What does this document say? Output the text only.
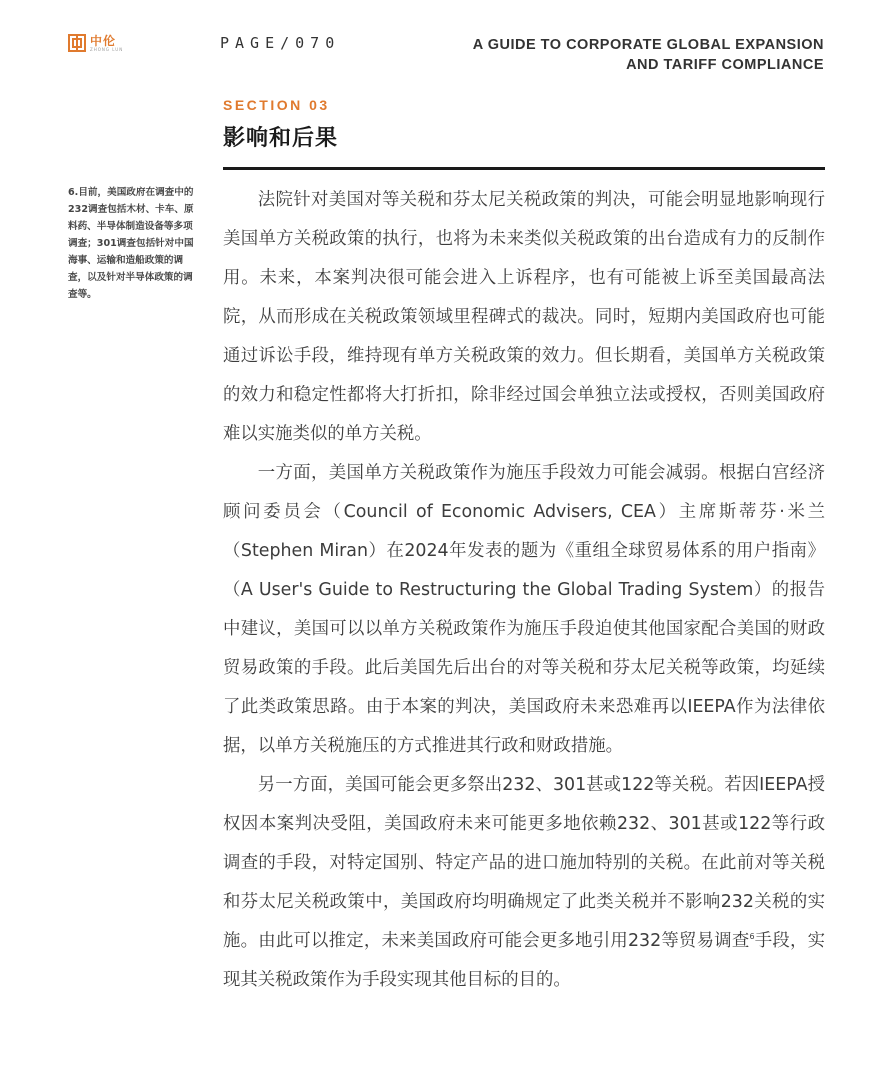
中伦
ZHONG LUN	PAGE/070	A GUIDE TO CORPORATE GLOBAL EXPANSION
AND TARIFF COMPLIANCE
SECTION 03
影响和后果
6.目前，美国政府在调查中的232调查包括木材、卡车、原料药、半导体制造设备等多项调查；301调查包括针对中国海事、运输和造船政策的调查，以及针对半导体政策的调查等。

法院针对美国对等关税和芬太尼关税政策的判决，可能会明显地影响现行美国单方关税政策的执行，也将为未来类似关税政策的出台造成有力的反制作用。未来，本案判决很可能会进入上诉程序，也有可能被上诉至美国最高法院，从而形成在关税政策领域里程碑式的裁决。同时，短期内美国政府也可能通过诉讼手段，维持现有单方关税政策的效力。但长期看，美国单方关税政策的效力和稳定性都将大打折扣，除非经过国会单独立法或授权，否则美国政府难以实施类似的单方关税。

一方面，美国单方关税政策作为施压手段效力可能会减弱。根据白宫经济顾问委员会（Council of Economic Advisers, CEA）主席斯蒂芬·米兰（Stephen Miran）在2024年发表的题为《重组全球贸易体系的用户指南》（A User's Guide to Restructuring the Global Trading System）的报告中建议，美国可以以单方关税政策作为施压手段迫使其他国家配合美国的财政贸易政策的手段。此后美国先后出台的对等关税和芬太尼关税等政策，均延续了此类政策思路。由于本案的判决，美国政府未来恐难再以IEEPA作为法律依据，以单方关税施压的方式推进其行政和财政措施。

另一方面，美国可能会更多祭出232、301甚或122等关税。若因IEEPA授权因本案判决受阻，美国政府未来可能更多地依赖232、301甚或122等行政调查的手段，对特定国别、特定产品的进口施加特别的关税。在此前对等关税和芬太尼关税政策中，美国政府均明确规定了此类关税并不影响232关税的实施。由此可以推定，未来美国政府可能会更多地引用232等贸易调查$^6$手段，实现其关税政策作为手段实现其他目标的目的。
